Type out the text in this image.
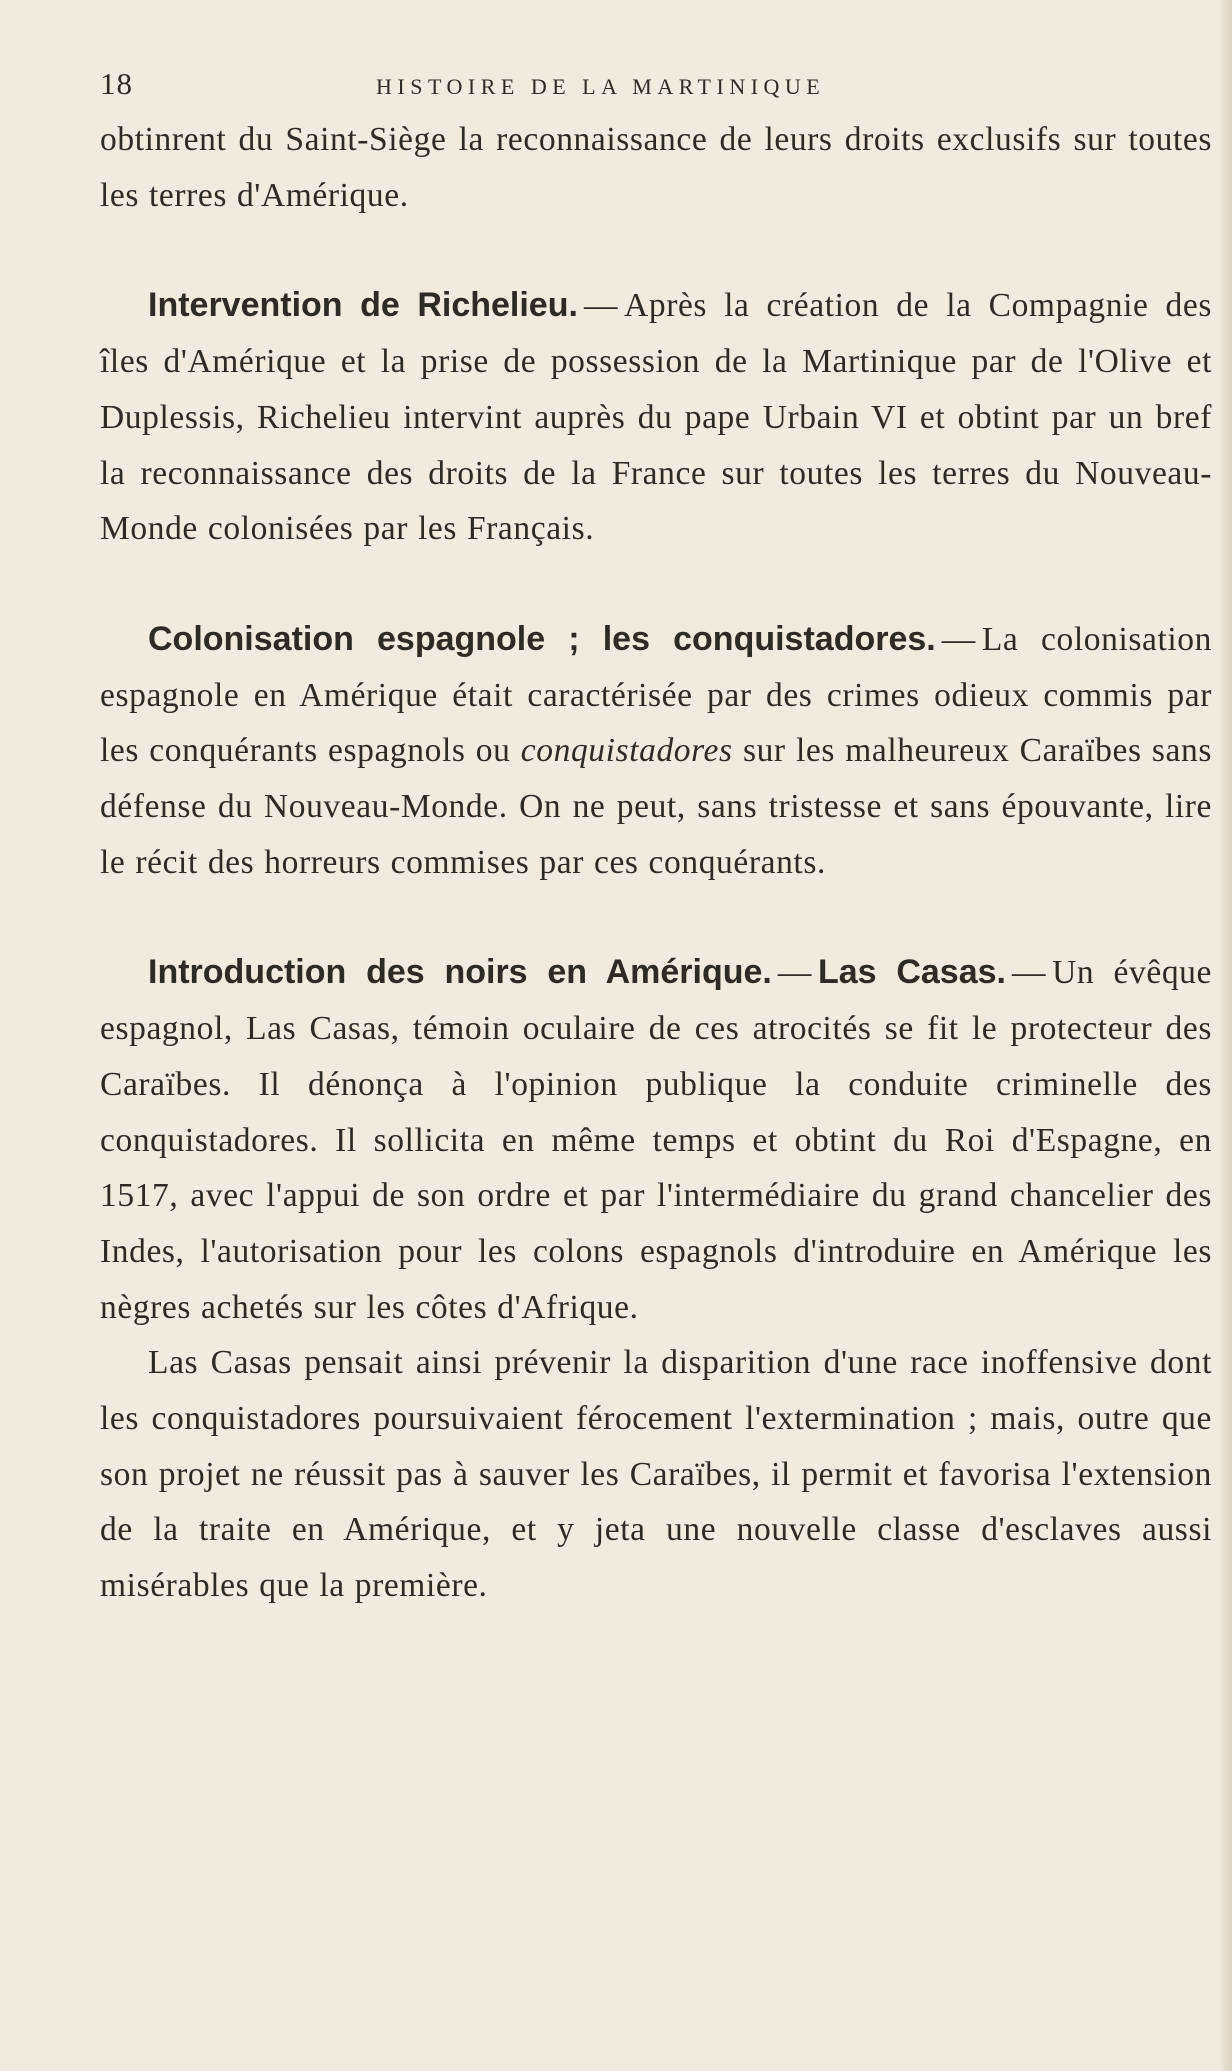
18	HISTOIRE DE LA MARTINIQUE

obtinrent du Saint-Siège la reconnaissance de leurs droits exclusifs sur toutes les terres d'Amérique.

Intervention de Richelieu. — Après la création de la Compagnie des îles d'Amérique et la prise de possession de la Martinique par de l'Olive et Duplessis, Richelieu intervint auprès du pape Urbain VI et obtint par un bref la reconnaissance des droits de la France sur toutes les terres du Nouveau-Monde colonisées par les Français.

Colonisation espagnole ; les conquistadores. — La colonisation espagnole en Amérique était caractérisée par des crimes odieux commis par les conquérants espagnols ou conquistadores sur les malheureux Caraïbes sans défense du Nouveau-Monde. On ne peut, sans tristesse et sans épouvante, lire le récit des horreurs commises par ces conquérants.

Introduction des noirs en Amérique. — Las Casas. — Un évêque espagnol, Las Casas, témoin oculaire de ces atrocités se fit le protecteur des Caraïbes. Il dénonça à l'opinion publique la conduite criminelle des conquistadores. Il sollicita en même temps et obtint du Roi d'Espagne, en 1517, avec l'appui de son ordre et par l'intermédiaire du grand chancelier des Indes, l'autorisation pour les colons espagnols d'introduire en Amérique les nègres achetés sur les côtes d'Afrique.

Las Casas pensait ainsi prévenir la disparition d'une race inoffensive dont les conquistadores poursuivaient férocement l'extermination ; mais, outre que son projet ne réussit pas à sauver les Caraïbes, il permit et favorisa l'extension de la traite en Amérique, et y jeta une nouvelle classe d'esclaves aussi misérables que la première.
